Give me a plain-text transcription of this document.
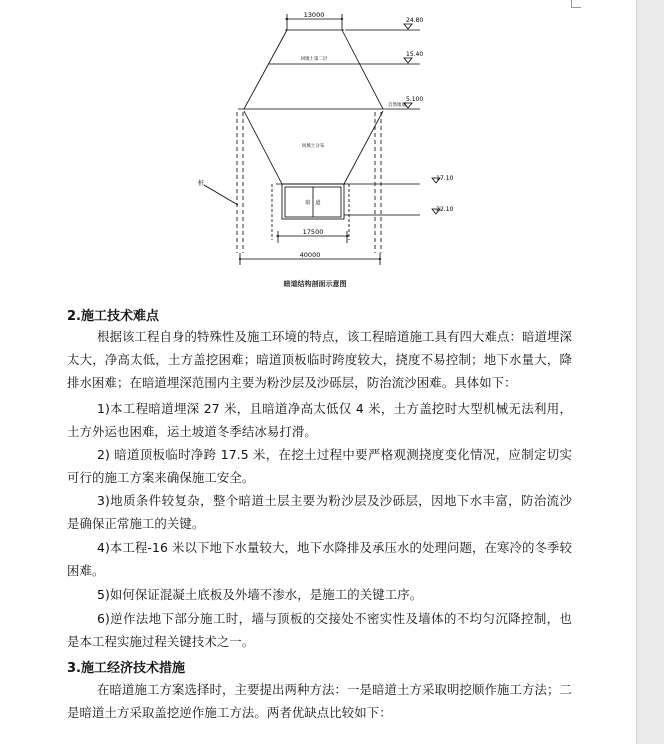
13000
17500
40000
24.80
15.40
5.100
自然地面
-17.10
-22.10
回填土第二层
回填土分布
暗　道
桩
暗道结构剖面示意图
2.施工技术难点

根据该工程自身的特殊性及施工环境的特点，该工程暗道施工具有四大难点：暗道埋深太大，净高太低，土方盖挖困难；暗道顶板临时跨度较大，挠度不易控制；地下水量大，降排水困难；在暗道埋深范围内主要为粉沙层及沙砾层，防治流沙困难。具体如下：

1)本工程暗道埋深 27 米，且暗道净高太低仅 4 米，土方盖挖时大型机械无法利用，土方外运也困难，运土坡道冬季结冰易打滑。

2) 暗道顶板临时净跨 17.5 米，在挖土过程中要严格观测挠度变化情况，应制定切实可行的施工方案来确保施工安全。

3)地质条件较复杂，整个暗道土层主要为粉沙层及沙砾层，因地下水丰富，防治流沙是确保正常施工的关键。

4)本工程-16 米以下地下水量较大，地下水降排及承压水的处理问题，在寒冷的冬季较困难。

5)如何保证混凝土底板及外墙不渗水，是施工的关键工序。

6)逆作法地下部分施工时，墙与顶板的交接处不密实性及墙体的不均匀沉降控制，也是本工程实施过程关键技术之一。

3.施工经济技术措施

在暗道施工方案选择时，主要提出两种方法：一是暗道土方采取明挖顺作施工方法；二是暗道土方采取盖挖逆作施工方法。两者优缺点比较如下：
